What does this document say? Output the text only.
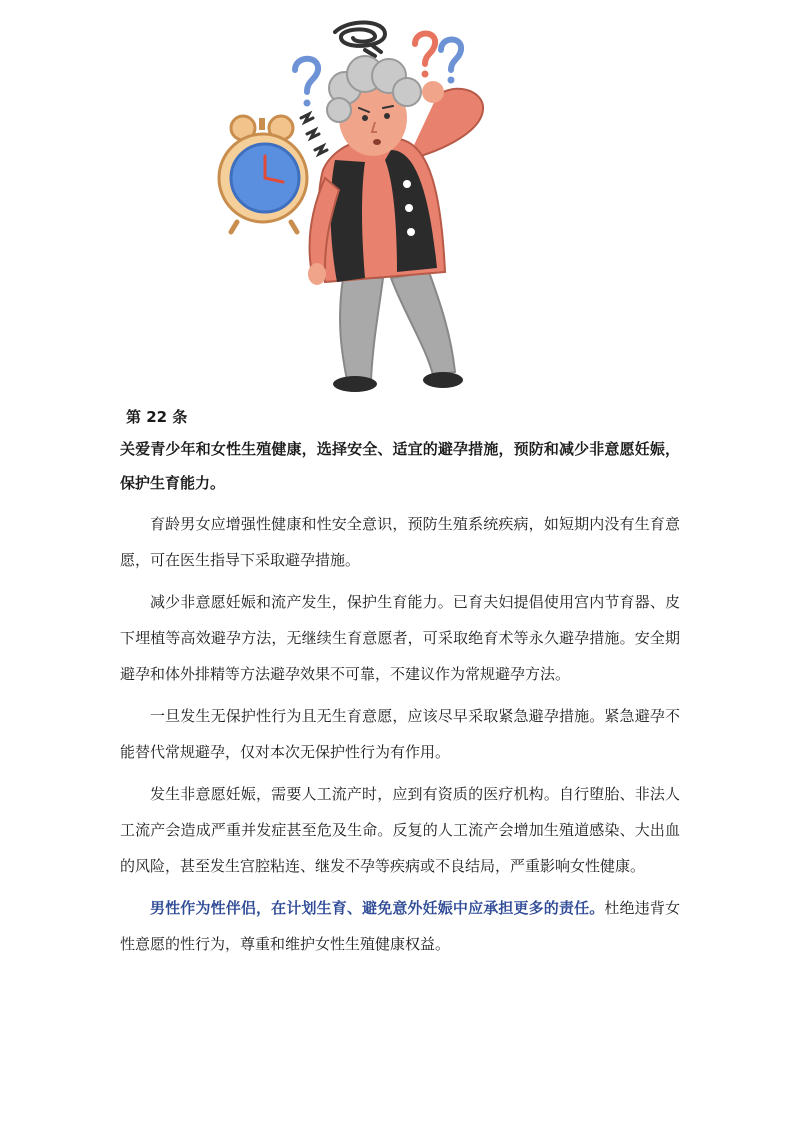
第 22 条
关爱青少年和女性生殖健康，选择安全、适宜的避孕措施，预防和减少非意愿妊娠，保护生育能力。

育龄男女应增强性健康和性安全意识，预防生殖系统疾病，如短期内没有生育意愿，可在医生指导下采取避孕措施。

减少非意愿妊娠和流产发生，保护生育能力。已育夫妇提倡使用宫内节育器、皮下埋植等高效避孕方法，无继续生育意愿者，可采取绝育术等永久避孕措施。安全期避孕和体外排精等方法避孕效果不可靠，不建议作为常规避孕方法。

一旦发生无保护性行为且无生育意愿，应该尽早采取紧急避孕措施。紧急避孕不能替代常规避孕，仅对本次无保护性行为有作用。

发生非意愿妊娠，需要人工流产时，应到有资质的医疗机构。自行堕胎、非法人工流产会造成严重并发症甚至危及生命。反复的人工流产会增加生殖道感染、大出血的风险，甚至发生宫腔粘连、继发不孕等疾病或不良结局，严重影响女性健康。

男性作为性伴侣，在计划生育、避免意外妊娠中应承担更多的责任。杜绝违背女性意愿的性行为，尊重和维护女性生殖健康权益。
